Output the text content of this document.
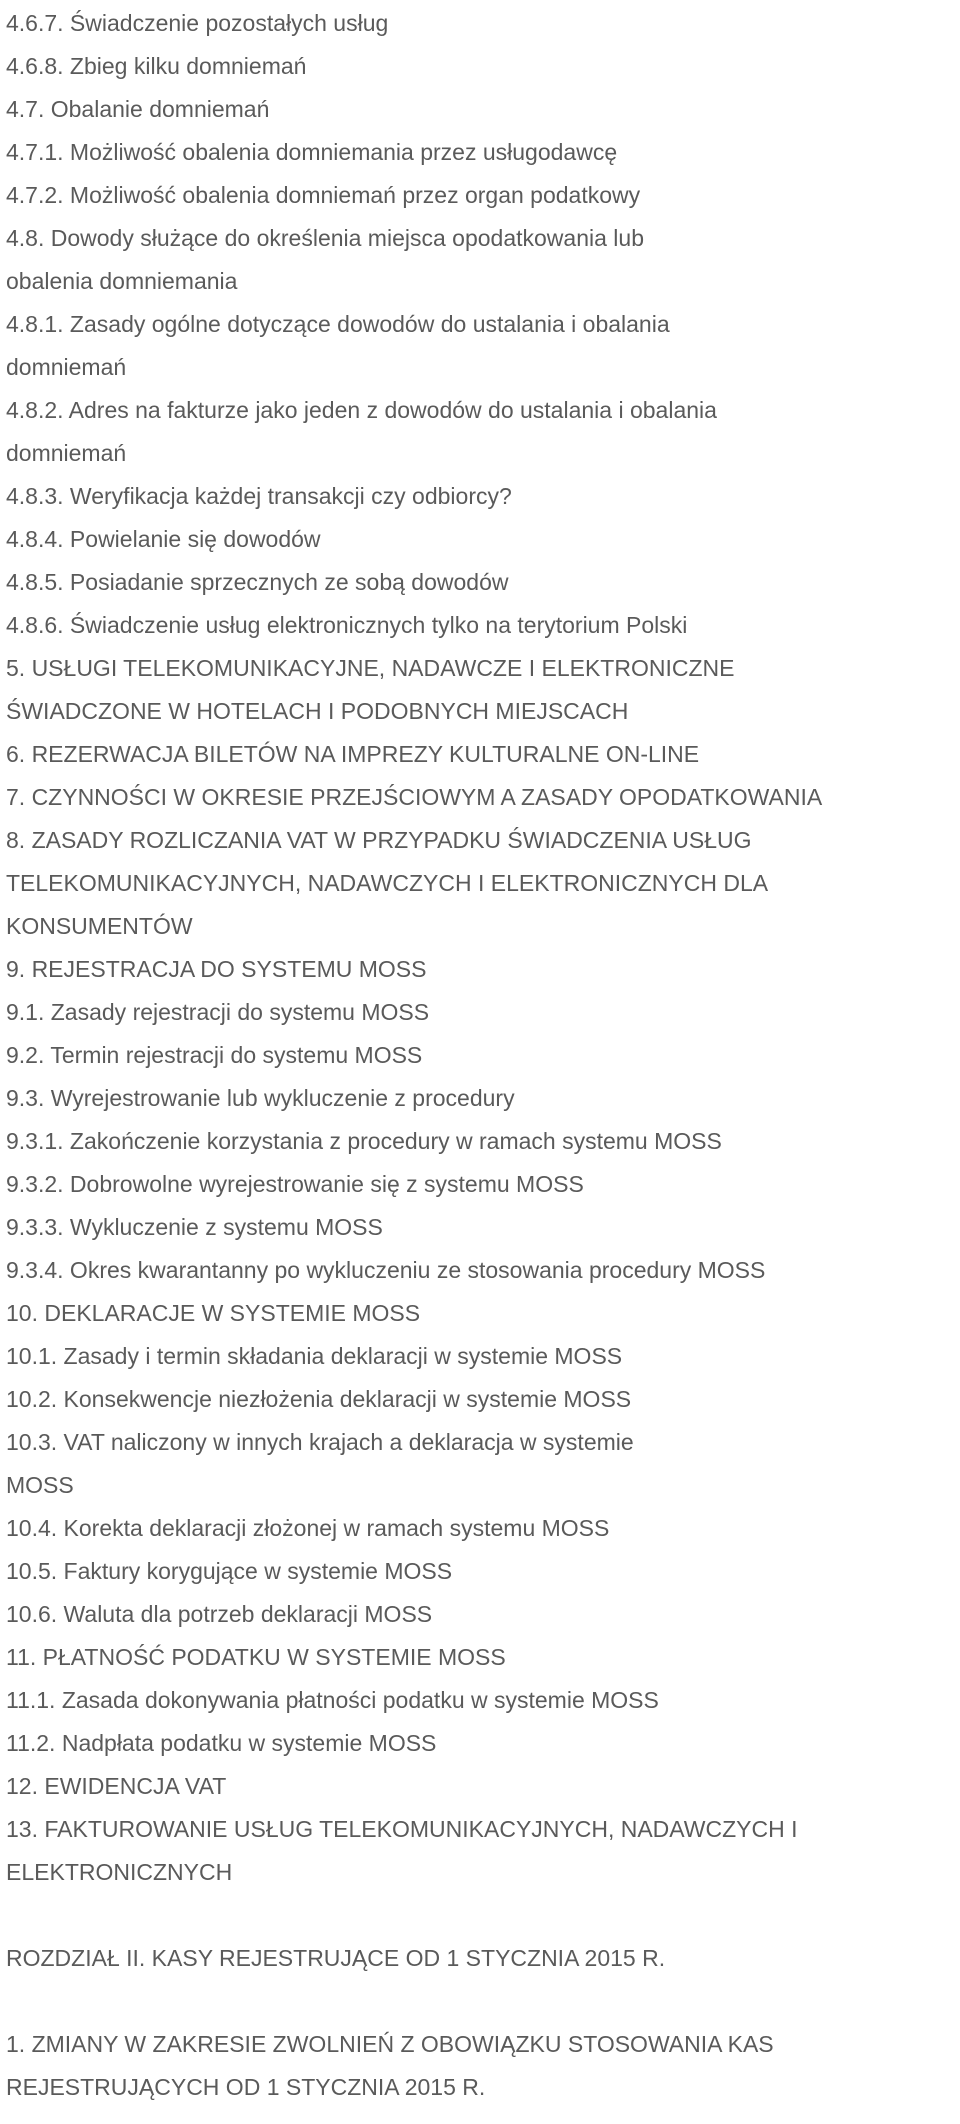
4.6.7. Świadczenie pozostałych usług

4.6.8. Zbieg kilku domniemań

4.7. Obalanie domniemań

4.7.1. Możliwość obalenia domniemania przez usługodawcę

4.7.2. Możliwość obalenia domniemań przez organ podatkowy

4.8. Dowody służące do określenia miejsca opodatkowania lub

obalenia domniemania

4.8.1. Zasady ogólne dotyczące dowodów do ustalania i obalania

domniemań

4.8.2. Adres na fakturze jako jeden z dowodów do ustalania i obalania

domniemań

4.8.3. Weryfikacja każdej transakcji czy odbiorcy?

4.8.4. Powielanie się dowodów

4.8.5. Posiadanie sprzecznych ze sobą dowodów

4.8.6. Świadczenie usług elektronicznych tylko na terytorium Polski

5. USŁUGI TELEKOMUNIKACYJNE, NADAWCZE I ELEKTRONICZNE

ŚWIADCZONE W HOTELACH I PODOBNYCH MIEJSCACH

6. REZERWACJA BILETÓW NA IMPREZY KULTURALNE ON-LINE

7. CZYNNOŚCI W OKRESIE PRZEJŚCIOWYM A ZASADY OPODATKOWANIA

8. ZASADY ROZLICZANIA VAT W PRZYPADKU ŚWIADCZENIA USŁUG

TELEKOMUNIKACYJNYCH, NADAWCZYCH I ELEKTRONICZNYCH DLA

KONSUMENTÓW

9. REJESTRACJA DO SYSTEMU MOSS

9.1. Zasady rejestracji do systemu MOSS

9.2. Termin rejestracji do systemu MOSS

9.3. Wyrejestrowanie lub wykluczenie z procedury

9.3.1. Zakończenie korzystania z procedury w ramach systemu MOSS

9.3.2. Dobrowolne wyrejestrowanie się z systemu MOSS

9.3.3. Wykluczenie z systemu MOSS

9.3.4. Okres kwarantanny po wykluczeniu ze stosowania procedury MOSS

10. DEKLARACJE W SYSTEMIE MOSS

10.1. Zasady i termin składania deklaracji w systemie MOSS

10.2. Konsekwencje niezłożenia deklaracji w systemie MOSS

10.3. VAT naliczony w innych krajach a deklaracja w systemie

MOSS

10.4. Korekta deklaracji złożonej w ramach systemu MOSS

10.5. Faktury korygujące w systemie MOSS

10.6. Waluta dla potrzeb deklaracji MOSS

11. PŁATNOŚĆ PODATKU W SYSTEMIE MOSS

11.1. Zasada dokonywania płatności podatku w systemie MOSS

11.2. Nadpłata podatku w systemie MOSS

12. EWIDENCJA VAT

13. FAKTUROWANIE USŁUG TELEKOMUNIKACYJNYCH, NADAWCZYCH I

ELEKTRONICZNYCH

ROZDZIAŁ II. KASY REJESTRUJĄCE OD 1 STYCZNIA 2015 R.

1. ZMIANY W ZAKRESIE ZWOLNIEŃ Z OBOWIĄZKU STOSOWANIA KAS

REJESTRUJĄCYCH OD 1 STYCZNIA 2015 R.
